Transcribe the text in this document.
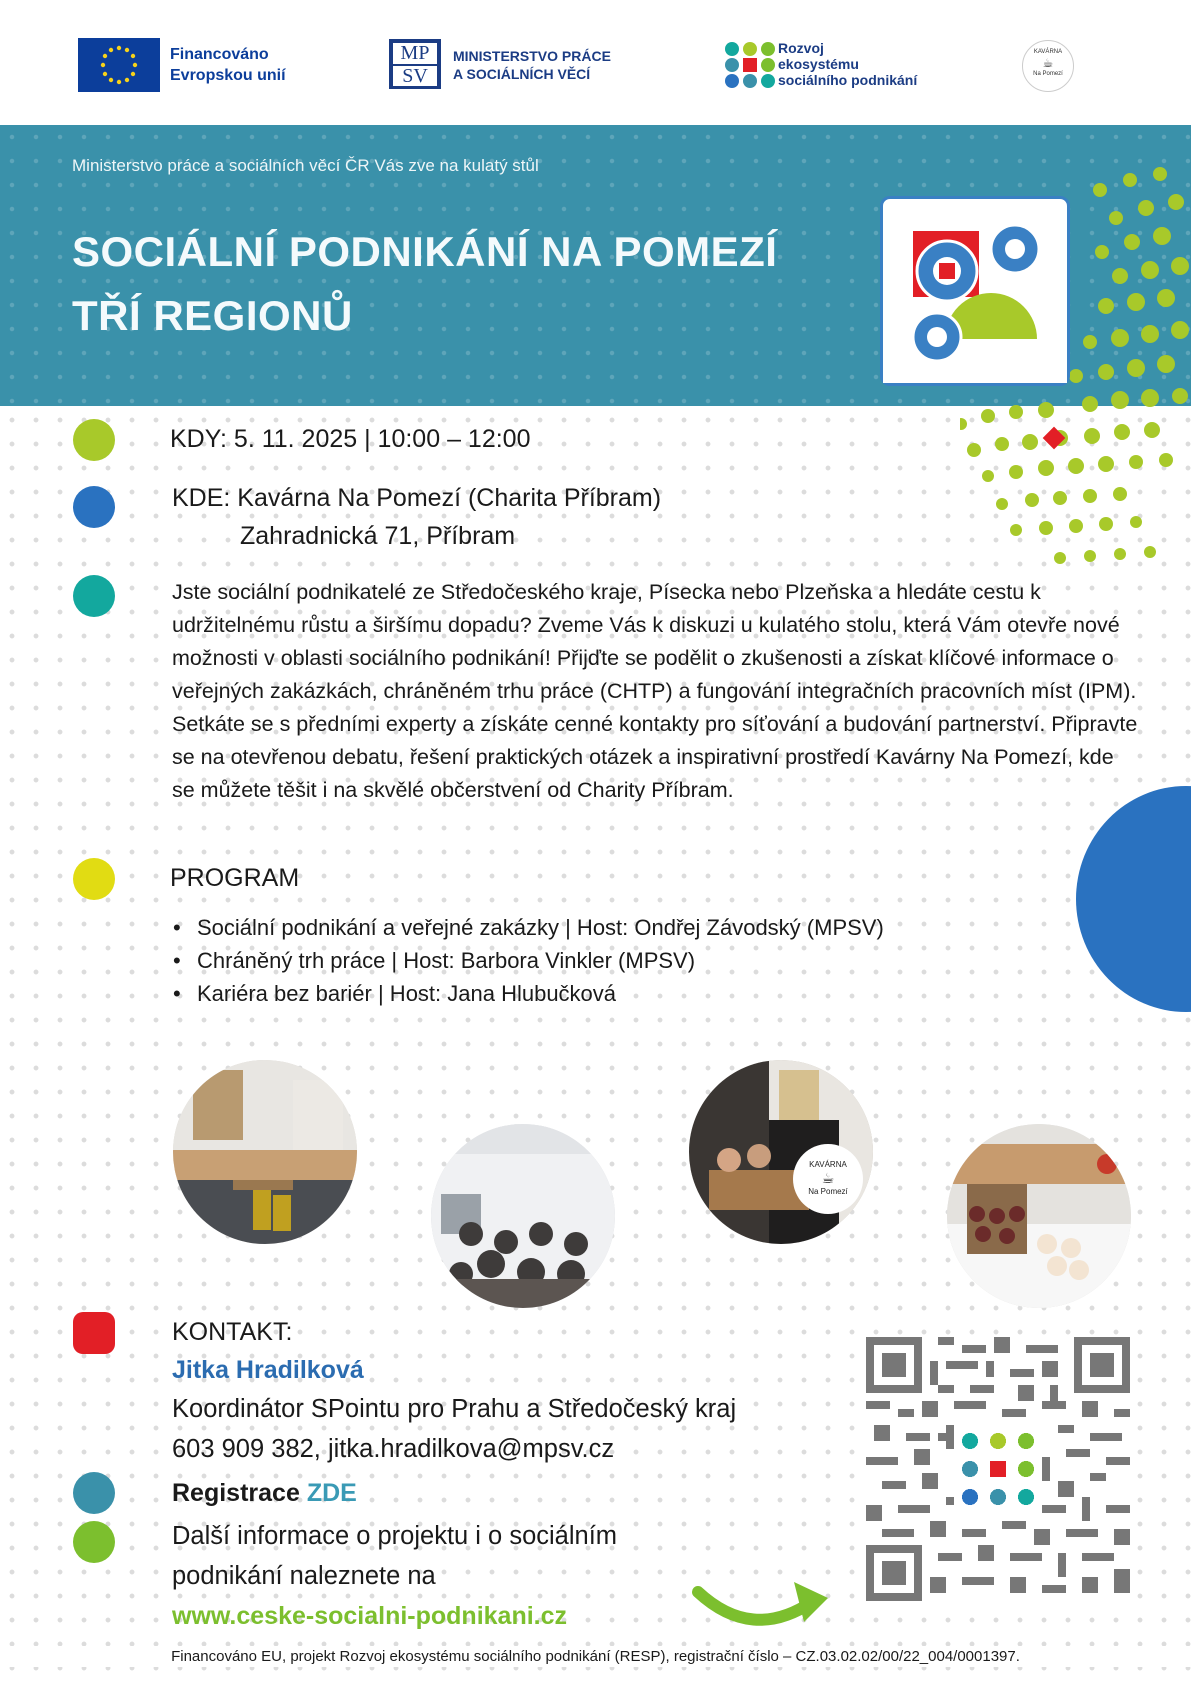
Financováno
Evropskou unií
MP
SV
MINISTERSTVO PRÁCE
A SOCIÁLNÍCH VĚCÍ
Rozvoj
ekosystému
sociálního podnikání
KAVÁRNA
☕
Na Pomezí
Ministerstvo práce a sociálních věcí ČR Vás zve na kulatý stůl
SOCIÁLNÍ PODNIKÁNÍ NA POMEZÍ
TŘÍ REGIONŮ
KDY: 5. 11. 2025 | 10:00 – 12:00
KDE: Kavárna Na Pomezí (Charita Příbram)
Zahradnická 71, Příbram
Jste sociální podnikatelé ze Středočeského kraje, Písecka nebo Plzeňska a hledáte cestu k udržitelnému růstu a širšímu dopadu? Zveme Vás k diskuzi u kulatého stolu, která Vám otevře nové možnosti v oblasti sociálního podnikání! Přijďte se podělit o zkušenosti a získat klíčové informace o veřejných zakázkách, chráněném trhu práce (CHTP) a fungování integračních pracovních míst (IPM). Setkáte se s předními experty a získáte cenné kontakty pro síťování a budování partnerství. Připravte se na otevřenou debatu, řešení praktických otázek a inspirativní prostředí Kavárny Na Pomezí, kde se můžete těšit i na skvělé občerstvení od Charity Příbram.
PROGRAM
• Sociální podnikání a veřejné zakázky | Host: Ondřej Závodský (MPSV)
• Chráněný trh práce | Host: Barbora Vinkler (MPSV)
• Kariéra bez bariér | Host: Jana Hlubučková
KAVÁRNA
☕
Na Pomezí
KONTAKT:
Jitka Hradilková
Koordinátor SPointu pro Prahu a Středočeský kraj
603 909 382, jitka.hradilkova@mpsv.cz
Registrace ZDE
Další informace o projektu i o sociálním
podnikání naleznete na
www.ceske-socialni-podnikani.cz
Financováno EU, projekt Rozvoj ekosystému sociálního podnikání (RESP), registrační číslo – CZ.03.02.02/00/22_004/0001397.
